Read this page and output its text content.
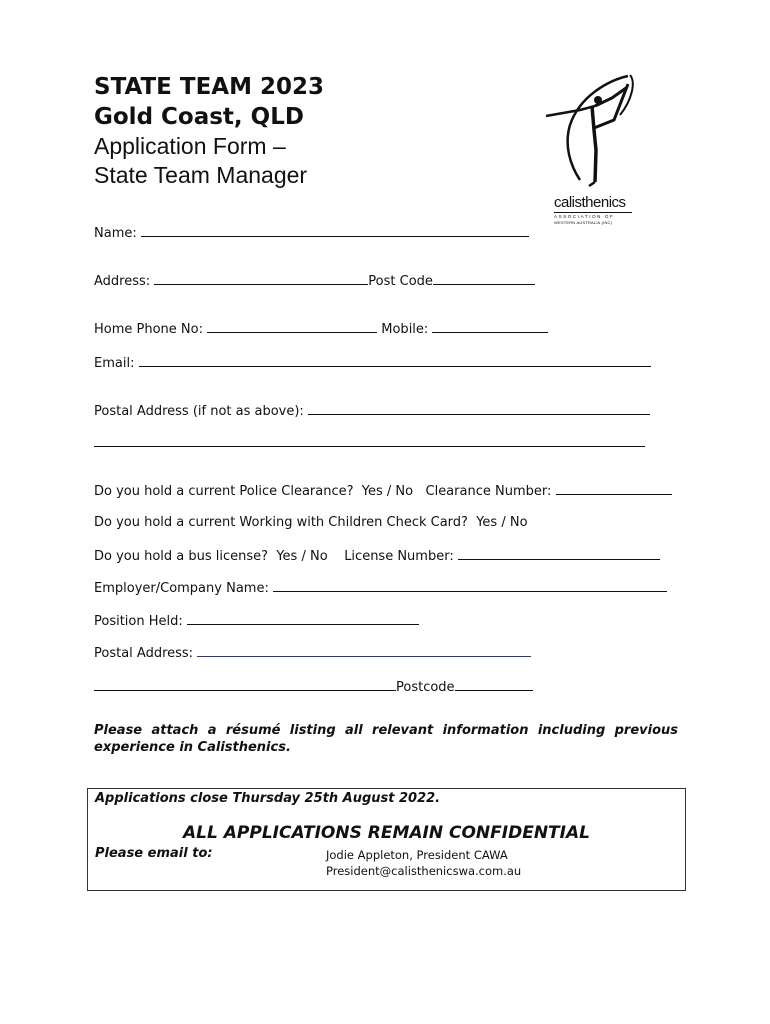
STATE TEAM 2023
Gold Coast, QLD
Application Form –
State Team Manager
calisthenics
ASSOCIATION OF
WESTERN AUSTRALIA (INC)
Name:
Address:	Post Code
Home Phone No:	Mobile:
Email:
Postal Address (if not as above):
Do you hold a current Police Clearance? Yes / No Clearance Number:
Do you hold a current Working with Children Check Card? Yes / No
Do you hold a bus license? Yes / No License Number:
Employer/Company Name:
Position Held:
Postal Address:
Postcode
Please attach a résumé listing all relevant information including previous experience in Calisthenics.
Applications close Thursday 25th August 2022.
ALL APPLICATIONS REMAIN CONFIDENTIAL
Please email to:	Jodie Appleton, President CAWA
President@calisthenicswa.com.au
